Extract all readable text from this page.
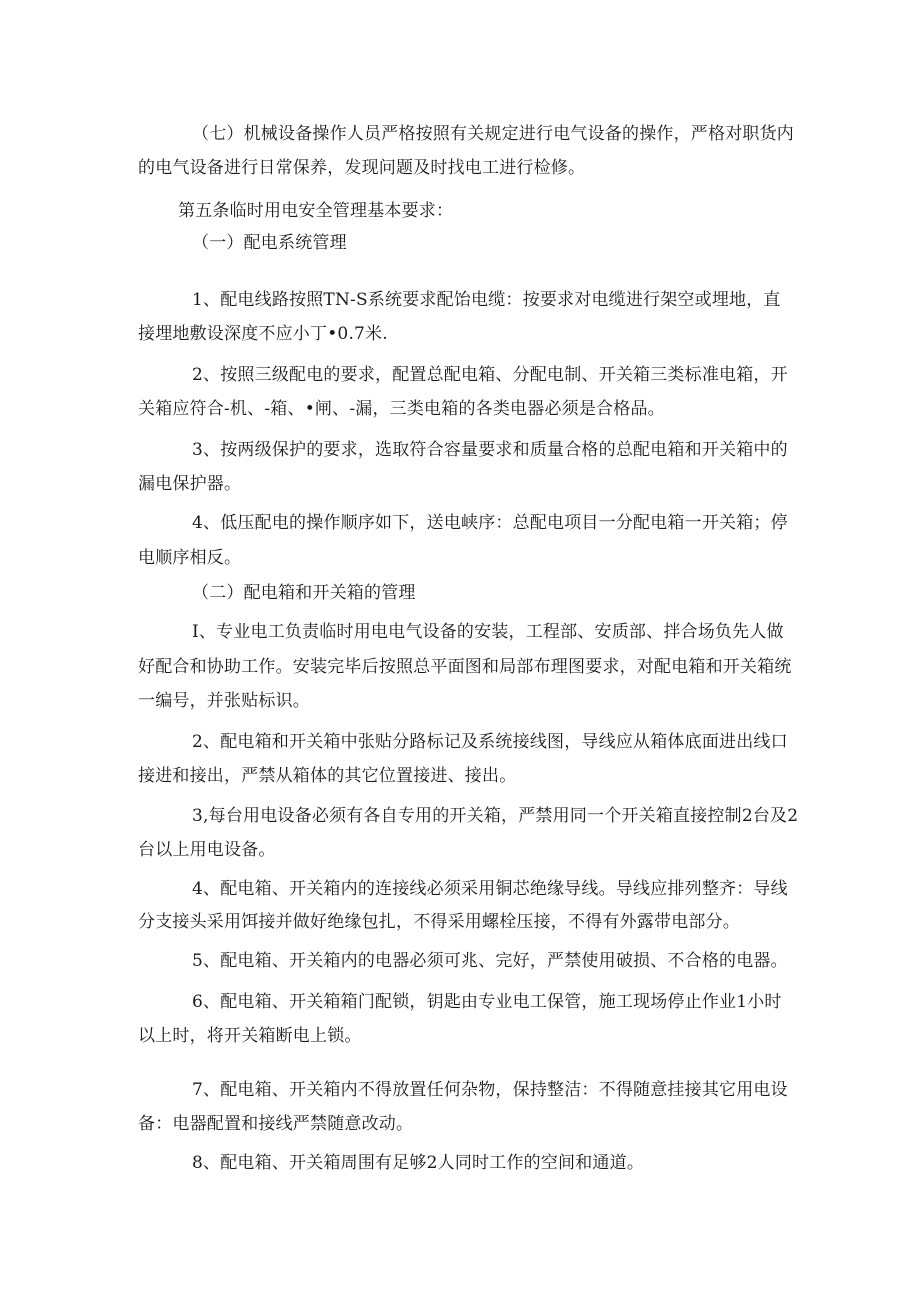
（七）机械设备操作人员严格按照有关规定进行电气设备的操作，严格对职货内
的电气设备进行日常保养，发现问题及时找电工进行检修。
第五条临时用电安全管理基本要求：
（一）配电系统管理
1、配电线路按照TN-S系统要求配饴电缆：按要求对电缆进行架空或埋地，直
接埋地敷设深度不应小丁•0.7米.
2、按照三级配电的要求，配置总配电箱、分配电制、开关箱三类标准电箱，开
关箱应符合-机、-箱、•闸、-漏，三类电箱的各类电器必须是合格品。
3、按两级保护的要求，选取符合容量要求和质量合格的总配电箱和开关箱中的
漏电保护器。
4、低压配电的操作顺序如下，送电峡序：总配电项目一分配电箱一开关箱；停
电顺序相反。
（二）配电箱和开关箱的管理
I、专业电工负责临时用电电气设备的安装，工程部、安质部、拌合场负先人做
好配合和协助工作。安装完毕后按照总平面图和局部布理图要求，对配电箱和开关箱统
一编号，并张贴标识。
2、配电箱和开关箱中张贴分路标记及系统接线图，导线应从箱体底面进出线口
接进和接出，严禁从箱体的其它位置接进、接出。
3,每台用电设备必须有各自专用的开关箱，严禁用同一个开关箱直接控制2台及2
台以上用电设备。
4、配电箱、开关箱内的连接线必须采用铜芯绝缘导线。导线应排列整齐：导线
分支接头采用饵接并做好绝缘包扎，不得采用螺栓压接，不得有外露带电部分。
5、配电箱、开关箱内的电器必须可兆、完好，严禁使用破损、不合格的电器。
6、配电箱、开关箱箱门配锁，钥匙由专业电工保管，施工现场停止作业1小时
以上时，将开关箱断电上锁。
7、配电箱、开关箱内不得放置任何杂物，保持整洁：不得随意挂接其它用电设
备：电器配置和接线严禁随意改动。
8、配电箱、开关箱周围有足够2人同时工作的空间和通道。
